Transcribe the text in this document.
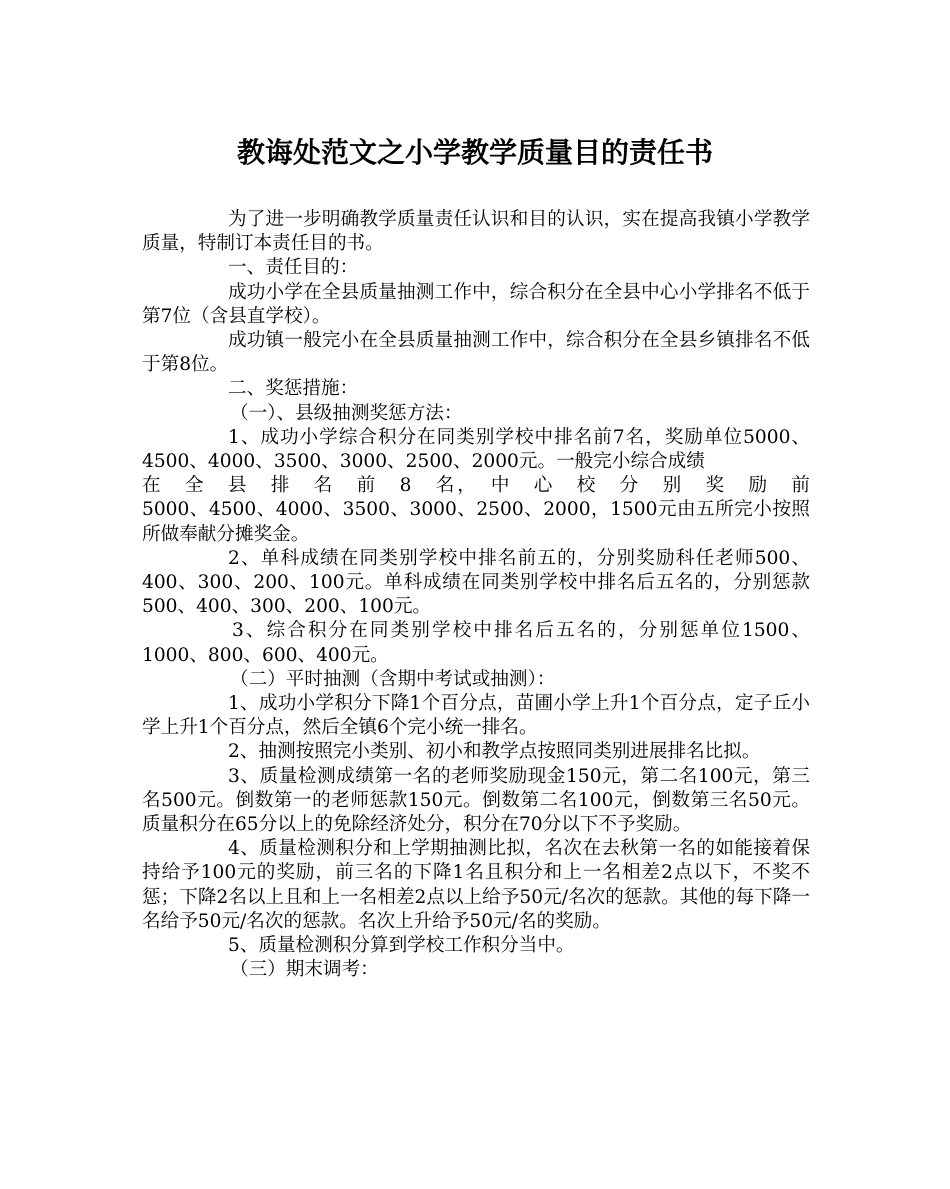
教诲处范文之小学教学质量目的责任书

为了进一步明确教学质量责任认识和目的认识，实在提高我镇小学教学质量，特制订本责任目的书。

一、责任目的：

成功小学在全县质量抽测工作中，综合积分在全县中心小学排名不低于第7位（含县直学校）。

成功镇一般完小在全县质量抽测工作中，综合积分在全县乡镇排名不低于第8位。

二、奖惩措施：

（一）、县级抽测奖惩方法：

1、成功小学综合积分在同类别学校中排名前7名，奖励单位5000、4500、4000、3500、3000、2500、2000元。一般完小综合成绩

在　全　县　排　名　前　8　名，　中　心　校　分　别　奖　励　前

5000、4500、4000、3500、3000、2500、2000，1500元由五所完小按照所做奉献分摊奖金。

2、单科成绩在同类别学校中排名前五的，分别奖励科任老师500、400、300、200、100元。单科成绩在同类别学校中排名后五名的，分别惩款500、400、300、200、100元。

3、综合积分在同类别学校中排名后五名的，分别惩单位1500、1000、800、600、400元。

（二）平时抽测（含期中考试或抽测）：

1、成功小学积分下降1个百分点，苗圃小学上升1个百分点，定子丘小学上升1个百分点，然后全镇6个完小统一排名。

2、抽测按照完小类别、初小和教学点按照同类别进展排名比拟。

3、质量检测成绩第一名的老师奖励现金150元，第二名100元，第三名500元。倒数第一的老师惩款150元。倒数第二名100元，倒数第三名50元。质量积分在65分以上的免除经济处分，积分在70分以下不予奖励。

4、质量检测积分和上学期抽测比拟，名次在去秋第一名的如能接着保持给予100元的奖励，前三名的下降1名且积分和上一名相差2点以下，不奖不惩；下降2名以上且和上一名相差2点以上给予50元/名次的惩款。其他的每下降一名给予50元/名次的惩款。名次上升给予50元/名的奖励。

5、质量检测积分算到学校工作积分当中。

（三）期末调考：
